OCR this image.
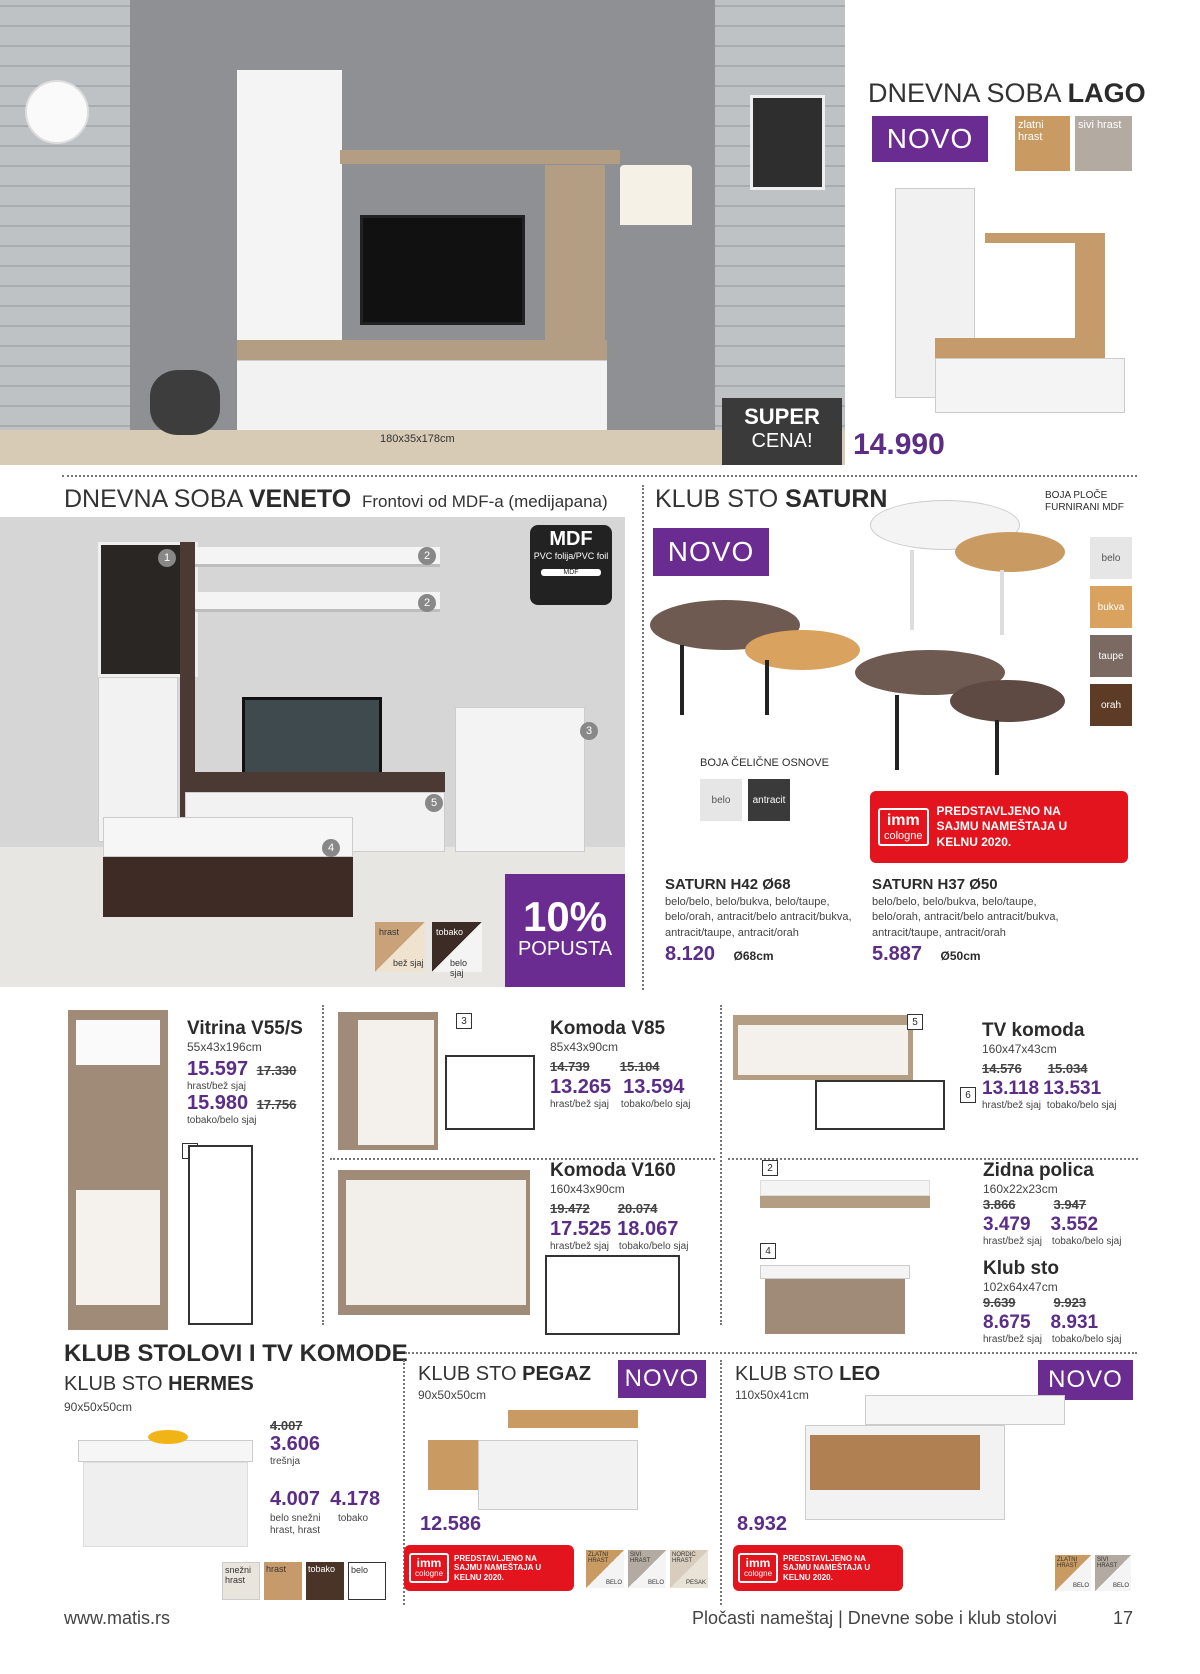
180x35x178cm
SUPER
CENA!
DNEVNA SOBA LAGO
NOVO	zlatni hrast
sivi hrast
14.990
DNEVNA SOBA VENETO Frontovi od MDF-a (medijapana)
MDF
PVC folija/PVC foil
MDF
1	2
2
3
4
5
hrast
bež sjaj
tobako
belo sjaj
10%
POPUSTA
KLUB STO SATURN
NOVO
BOJA PLOČE FURNIRANI MDF
belo
bukva
taupe
orah
BOJA ČELIČNE OSNOVE
belo	antracit
imm
cologne
PREDSTAVLJENO NA SAJMU NAMEŠTAJA U KELNU 2020.
SATURN H42 Ø68
belo/belo, belo/bukva, belo/taupe, belo/orah, antracit/belo antracit/bukva, antracit/taupe, antracit/orah
8.120 Ø68cm
SATURN H37 Ø50
belo/belo, belo/bukva, belo/taupe, belo/orah, antracit/belo antracit/bukva, antracit/taupe, antracit/orah
5.887 Ø50cm
Vitrina V55/S
55x43x196cm
15.597 17.330
hrast/bež sjaj
15.980 17.756
tobako/belo sjaj
3	Komoda V85
85x43x90cm
14.739 15.104
13.265 13.594
hrast/bež sjaj tobako/belo sjaj
5
6
TV komoda
160x47x43cm
14.576 15.034
13.118 13.531
hrast/bež sjaj tobako/belo sjaj
Komoda V160
160x43x90cm
19.472 20.074
17.525 18.067
hrast/bež sjaj tobako/belo sjaj
2
4
Zidna polica
160x22x23cm
3.866	3.947
3.479 3.552
hrast/bež sjaj tobako/belo sjaj
Klub sto
102x64x47cm
9.639	9.923
8.675 8.931
hrast/bež sjaj tobako/belo sjaj
KLUB STOLOVI I TV KOMODE
KLUB STO HERMES
90x50x50cm
4.007
3.606
trešnja
4.007 4.178
belo snežni hrast, hrast
tobako
snežni hrast
hrast	tobako	belo
KLUB STO PEGAZ
90x50x50cm
NOVO
12.586
imm
cologne
PREDSTAVLJENO NA SAJMU NAMEŠTAJA U KELNU 2020.
ZLATNI HRAST
BELO
SIVI HRAST
BELO
NORDIC HRAST
PESAK
KLUB STO LEO
110x50x41cm
NOVO
8.932
imm
cologne
PREDSTAVLJENO NA SAJMU NAMEŠTAJA U KELNU 2020.
ZLATNI HRAST
BELO
SIVI HRAST
BELO
www.matis.rs	Pločasti nameštaj | Dnevne sobe i klub stolovi	17
